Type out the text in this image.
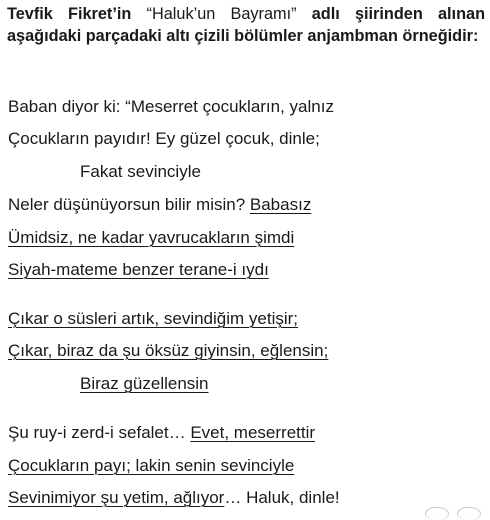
Tevfik Fikret’in “Haluk’un Bayramı” adlı şiirinden alınan aşağıdaki parçadaki altı çizili bölümler anjambman örneğidir:
Baban diyor ki: “Meserret çocukların, yalnız
Çocukların payıdır! Ey güzel çocuk, dinle;
Fakat sevinciyle
Neler düşünüyorsun bilir misin? Babasız
Ümidsiz, ne kadar yavrucakların şimdi
Siyah-mateme benzer terane-i ıydı
Çıkar o süsleri artık, sevindiğim yetişir;
Çıkar, biraz da şu öksüz giyinsin, eğlensin;
Biraz güzellensin
Şu ruy-i zerd-i sefalet… Evet, meserrettir
Çocukların payı; lakin senin sevinciyle
Sevinimiyor şu yetim, ağlıyor… Haluk, dinle!
